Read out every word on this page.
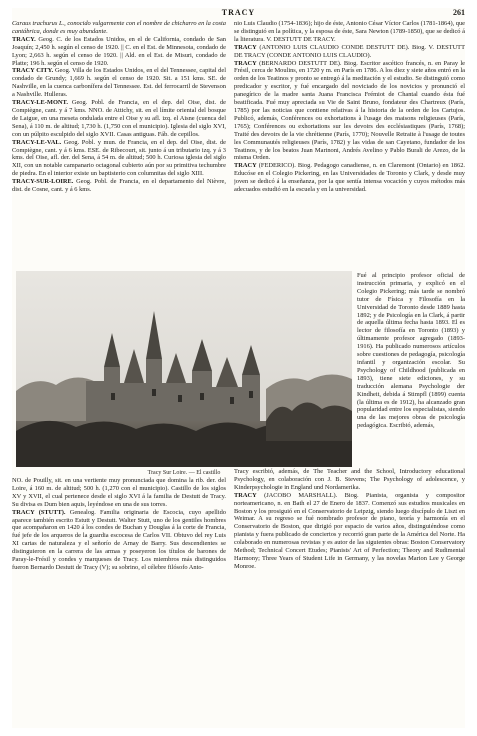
TRACY	261

Caraus trachurus L., conocido vulgarmente con el nombre de chicharro en la costa cantábrica, donde es muy abundante.

TRACY. Geog. C. de los Estados Unidos, en el de California, condado de San Joaquín; 2,450 h. según el censo de 1920. || C. en el Est. de Minnesota, condado de Lyon; 2,663 h. según el censo de 1920. || Ald. en el Est. de Misuri, condado de Platte; 196 h. según el censo de 1920.

TRACY CITY. Geog. Villa de los Estados Unidos, en el del Tennessee, capital del condado de Grundy; 1,669 h. según el censo de 1920. Sit. a 151 kms. SE. de Nashville, en la cuenca carbonífera del Tennessee. Est. del ferrocarril de Stevenson a Nashville. Hulleras.

TRACY-LE-MONT. Geog. Pobl. de Francia, en el dep. del Oise, dist. de Compiègne, cant. y á 7 kms. NNO. de Attichy, sit. en el límite oriental del bosque de Laigue, en una meseta ondulada entre el Oise y su afl. izq. el Aisne (cuenca del Sena), á 110 m. de altitud; 1,730 h. (1,750 con el municipio). Iglesia del siglo XVI, con un púlpito esculpido del siglo XVII. Casas antiguas. Fáb. de cepillos.

TRACY-LE-VAL. Geog. Pobl. y mun. de Francia, en el dep. del Oise, dist. de Compiègne, cant. y á 6 kms. ESE. de Ribecourt, sit. junto á un tributario izq. y á 3 kms. del Oise, afl. der. del Sena, á 54 m. de altitud; 500 h. Curiosa iglesia del siglo XII, con un notable campanario octagonal cubierto aún por su primitiva techumbre de piedra. En el interior existe un baptisterio con columnitas del siglo XIII.

TRACY-SUR-LOIRE. Geog. Pobl. de Francia, en el departamento del Nièvre, dist. de Cosne, cant. y á 6 kms.

nio Luis Claudio (1754-1836); hijo de éste, Antonio César Víctor Carlos (1781-1864), que se distinguió en la política, y la esposa de éste, Sara Newton (1789-1850), que se dedicó á la literatura. V. DESTUTT DE TRACY.

TRACY (ANTONIO LUIS CLAUDIO CONDE DESTUTT DE). Biog. V. DESTUTT DE TRACY (CONDE ANTONIO LUIS CLAUDIO).

TRACY (BERNARDO DESTUTT DE). Biog. Escritor ascético francés, n. en Paray le Frésil, cerca de Moulins, en 1720 y m. en París en 1786. A los diez y siete años entró en la orden de los Teatinos y pronto se entregó á la meditación y el estudio. Se distinguió como predicador y escritor, y fué encargado del noviciado de los novicios y pronunció el panegírico de la madre santa Juana Francisca Frémiot de Chantal cuando ésta fué beatificada. Fué muy apreciada su Vie de Saint Bruno, fondateur des Chartreux (París, 1785) por las noticias que contiene relativas á la historia de la orden de los Cartujos. Publicó, además, Conférences ou exhortations à l'usage des maisons religieuses (París, 1765); Conférences ou exhortations sur les devoirs des ecclésiastiques (París, 1768); Traité des devoirs de la vie chrétienne (París, 1770); Nouvelle Retraite à l'usage de toutes les Communautés religieuses (París, 1782) y las vidas de san Cayetano, fundador de los Teatinos, y de los beatos Juan Marinoni, Andrés Avelino y Pablo Burali de Arezo, de la misma Orden.

TRACY (FEDERICO). Biog. Pedagogo canadiense, n. en Claremont (Ontario) en 1862. Educóse en el Colegio Pickering, en las Universidades de Toronto y Clark, y desde muy joven se dedicó á la enseñanza, por la que sentía intensa vocación y cuyos métodos más adecuados estudió en la escuela y en la universidad.

Tracy Sur Loire. — El castillo

Fué al principio profesor oficial de instrucción primaria, y explicó en el Colegio Pickering; más tarde se nombró tutor de Física y Filosofía en la Universidad de Toronto desde 1889 hasta 1892; y de Psicología en la Clark, á partir de aquella última fecha hasta 1893. El es lector de filosofía en Toronto (1893) y últimamente profesor agregado (1893-1916). Ha publicado numerosos artículos sobre cuestiones de pedagogía, psicología infantil y organización escolar. Su Psychology of Childhood (publicada en 1893), tiene siete ediciones, y su traducción alemana Psychologie der Kindheit, debida á Stimpfl (1899) cuenta (la última es de 1912), ha alcanzado gran popularidad entre los especialistas, siendo una de las mejores obras de psicología pedagógica. Escribió, además,

NO. de Pouilly, sit. en una vertiente muy pronunciada que domina la rib. der. del Loire, á 160 m. de altitud; 500 h. (1,270 con el municipio). Castillo de los siglos XV y XVII, el cual pertenece desde el siglo XVI á la familia de Destutt de Tracy. Su divisa es Dum bien aquis, leyéndose en una de sus torres.

TRACY (STUTT). Genealog. Familia originaria de Escocia, cuyo apellido aparece también escrito Estutt y Destutt. Walter Stutt, uno de los gentiles hombres que acompañaron en 1420 á los condes de Buchan y Douglas á la corte de Francia, fué jefe de los arqueros de la guardia escocesa de Carlos VII. Obtuvo del rey Luis XI cartas de naturaleza y el señorío de Arnay de Barry. Sus descendientes se distinguieron en la carrera de las armas y poseyeron los títulos de barones de Paray-le-Frésil y condes y marqueses de Tracy. Los miembros más distinguidos fueron Bernardo Destutt de Tracy (V); su sobrino, el célebre filósofo Anto-

Tracy escribió, además, de The Teacher and the School, Introductory educational Psychology, en colaboración con J. B. Stevens; The Psychology of adolescence, y Kinderpsychologie in England und Nordamerika.

TRACY (JACOBO MARSHALL). Biog. Pianista, organista y compositor norteamericano, n. en Bath el 27 de Enero de 1837. Comenzó sus estudios musicales en Boston y los prosiguió en el Conservatorio de Leipzig, siendo luego discípulo de Liszt en Weimar. A su regreso se fué nombrado profesor de piano, teoría y harmonía en el Conservatorio de Boston, que dirigió por espacio de varios años, distinguiéndose como pianista y fuera publicado de conciertos y recorrió gran parte de la América del Norte. Ha colaborado en numerosas revistas y es autor de las siguientes obras: Boston Conservatory Method; Technical Concert Etudes; Pianists' Art of Perfection; Theory and Rudimental Harmony; Three Years of Student Life in Germany, y las novelas Marion Lee y George Monroe.
